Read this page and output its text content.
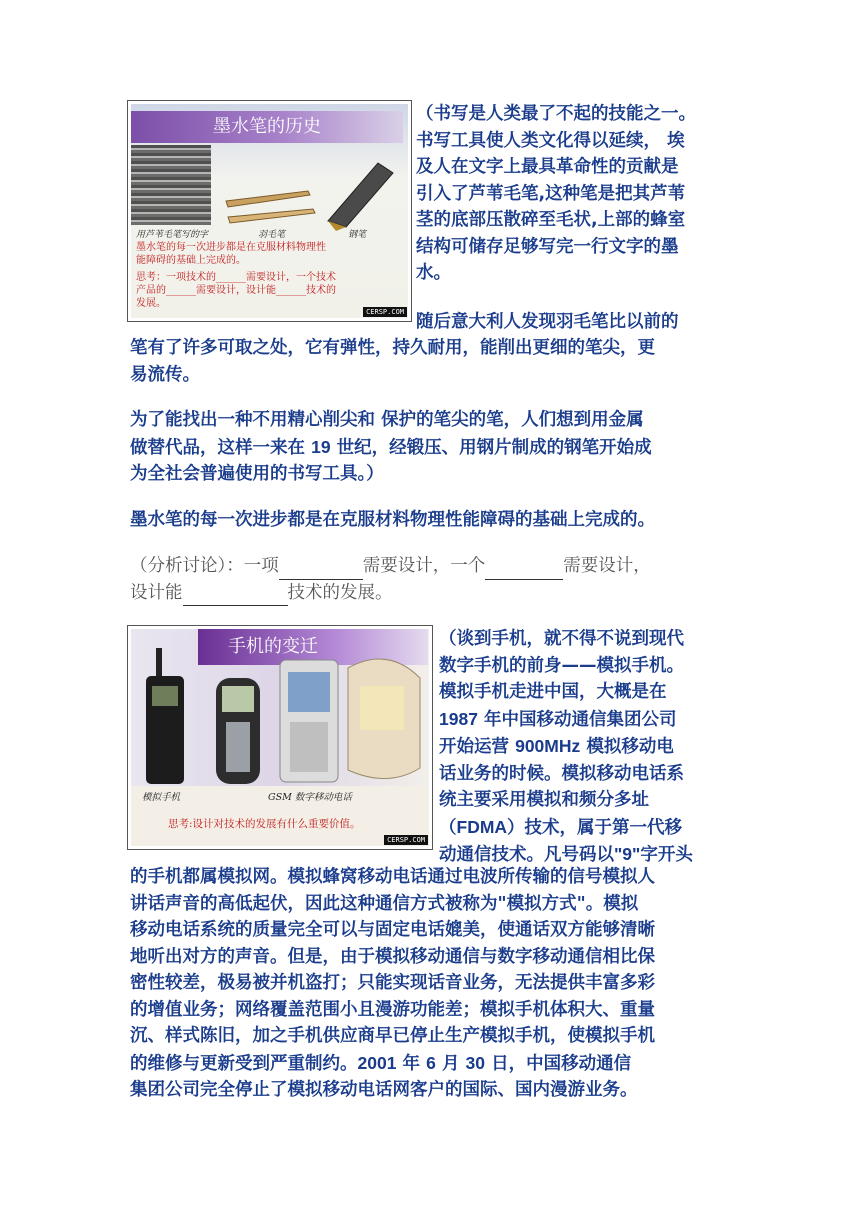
墨水笔的历史
用芦苇毛笔写的字	羽毛笔	钢笔
墨水笔的每一次进步都是在克服材料物理性
能障碍的基础上完成的。
思考：一项技术的______需要设计，一个技术
产品的______需要设计，设计能______技术的
发展。
CERSP.COM
（书写是人类最了不起的技能之一。
书写工具使人类文化得以延续， 埃
及人在文字上最具革命性的贡献是
引入了芦苇毛笔,这种笔是把其芦苇
茎的底部压散碎至毛状,上部的蜂室
结构可储存足够写完一行文字的墨
水。
随后意大利人发现羽毛笔比以前的
笔有了许多可取之处，它有弹性，持久耐用，能削出更细的笔尖，更
易流传。
为了能找出一种不用精心削尖和 保护的笔尖的笔，人们想到用金属
做替代品，这样一来在 19 世纪，经锻压、用钢片制成的钢笔开始成
为全社会普遍使用的书写工具。）
墨水笔的每一次进步都是在克服材料物理性能障碍的基础上完成的。
（分析讨论）：一项	需要设计，一个	需要设计，
设计能	技术的发展。
手机的变迁
模拟手机	GSM 数字移动电话
思考:设计对技术的发展有什么重要价值。
CERSP.COM
（谈到手机，就不得不说到现代
数字手机的前身——模拟手机。
模拟手机走进中国，大概是在
1987 年中国移动通信集团公司
开始运营 900MHz 模拟移动电
话业务的时候。模拟移动电话系
统主要采用模拟和频分多址
（FDMA）技术，属于第一代移
动通信技术。凡号码以"9"字开头
的手机都属模拟网。模拟蜂窝移动电话通过电波所传输的信号模拟人
讲话声音的高低起伏，因此这种通信方式被称为"模拟方式"。模拟
移动电话系统的质量完全可以与固定电话媲美，使通话双方能够清晰
地听出对方的声音。但是，由于模拟移动通信与数字移动通信相比保
密性较差，极易被并机盗打；只能实现话音业务，无法提供丰富多彩
的增值业务；网络覆盖范围小且漫游功能差；模拟手机体积大、重量
沉、样式陈旧，加之手机供应商早已停止生产模拟手机，使模拟手机
的维修与更新受到严重制约。2001 年 6 月 30 日，中国移动通信
集团公司完全停止了模拟移动电话网客户的国际、国内漫游业务。
